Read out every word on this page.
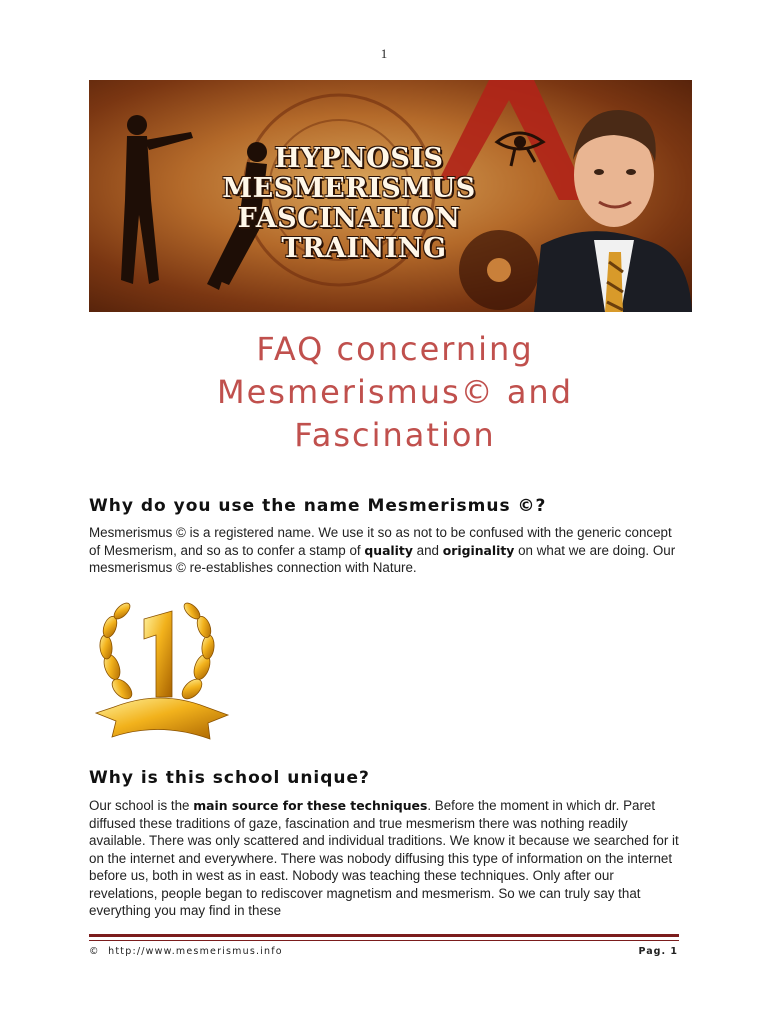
1
HYPNOSIS
MESMERISMUS FASCINATION
TRAINING
FAQ concerning
Mesmerismus© and
Fascination
Why do you use the name Mesmerismus ©?

Mesmerismus © is a registered name. We use it so as not to be confused with the generic concept of Mesmerism, and so as to confer a stamp of quality and originality on what we are doing. Our mesmerismus © re-establishes connection with Nature.

Why is this school unique?

Our school is the main source for these techniques. Before the moment in which dr. Paret diffused these traditions of gaze, fascination and true mesmerism there was nothing readily available. There was only scattered and individual traditions. We know it because we searched for it on the internet and everywhere. There was nobody diffusing this type of information on the internet before us, both in west as in east. Nobody was teaching these techniques. Only after our revelations, people began to rediscover magnetism and mesmerism. So we can truly say that everything you may find in these

© http://www.mesmerismus.info	Pag. 1
